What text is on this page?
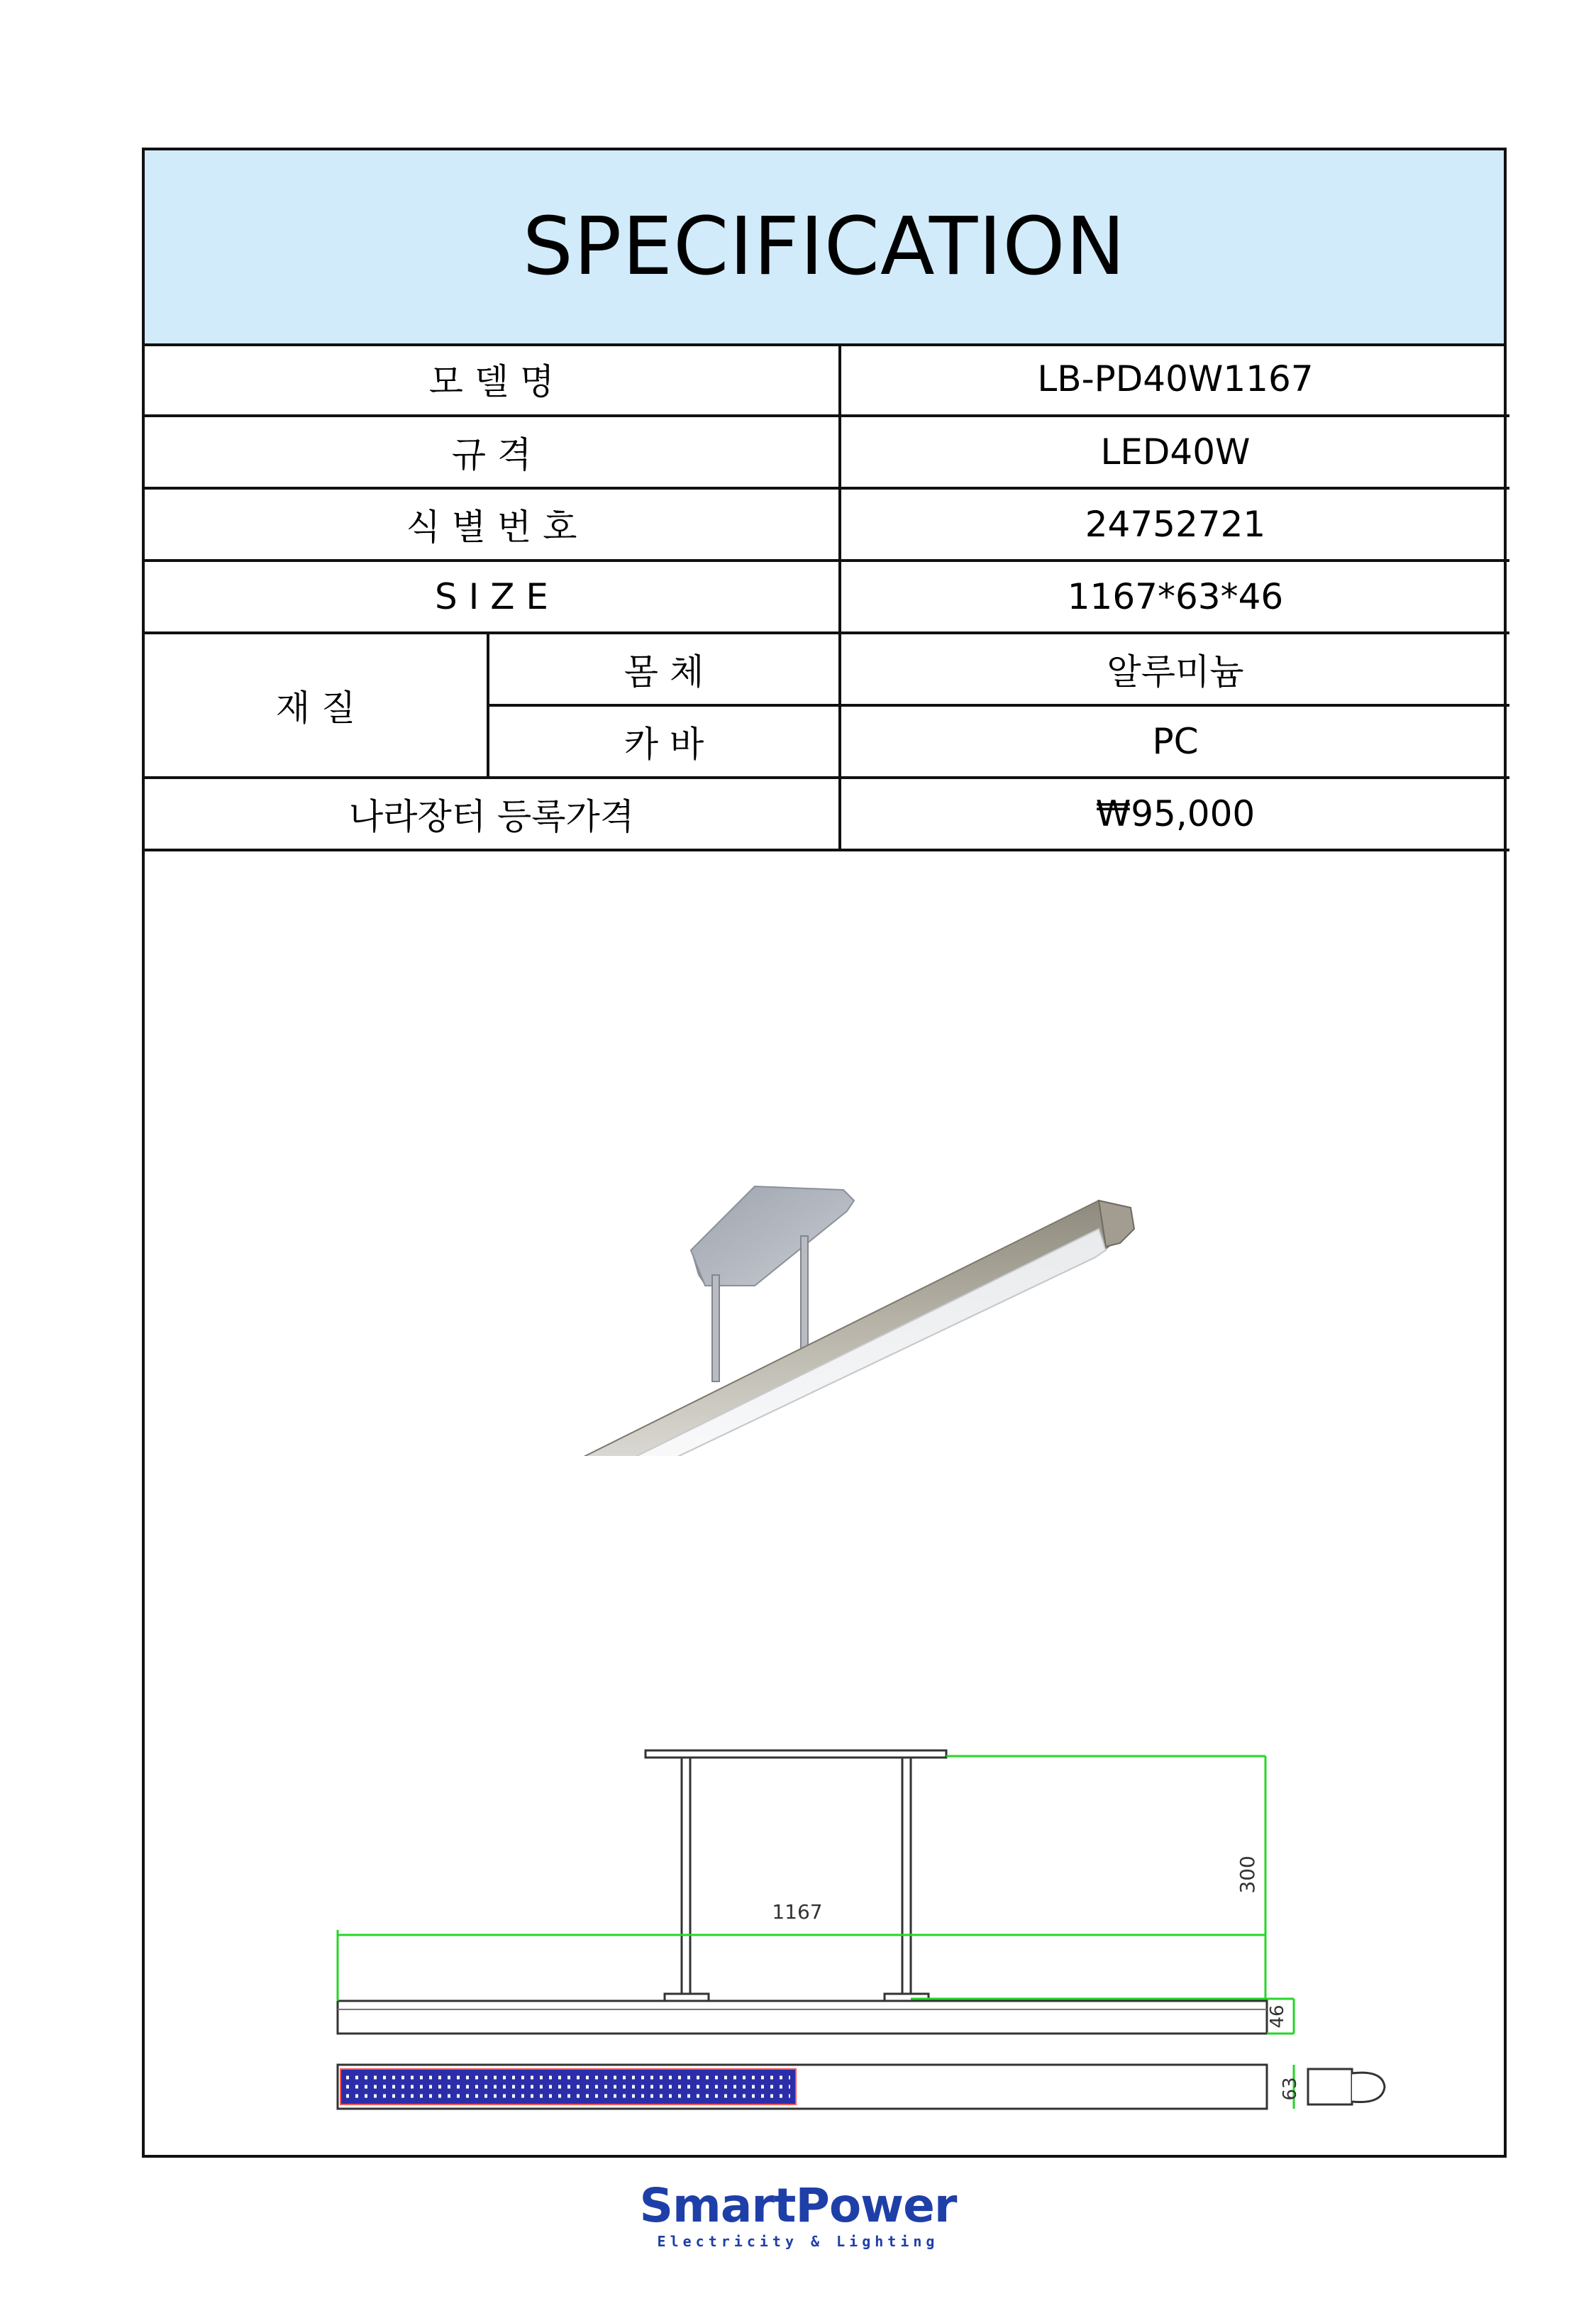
SPECIFICATION
모 델 명		LB-PD40W1167
규 격		LED40W
식 별 번 호		24752721
S I Z E		1167*63*46
재 질	몸 체	알루미늄
	카 바	PC
나라장터 등록가격		₩95,000
1167
300
46
63
SmartPower
Electricity & Lighting
